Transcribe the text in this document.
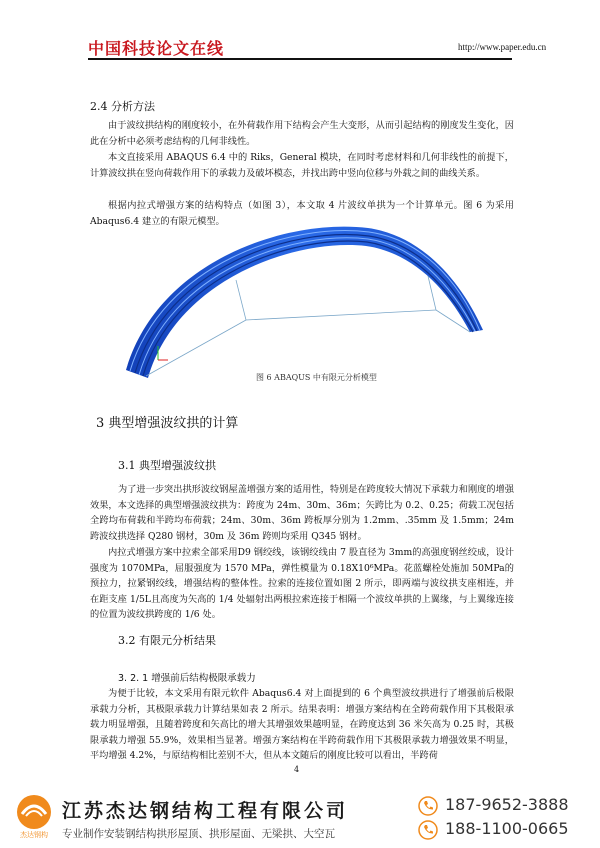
中国科技论文在线	http://www.paper.edu.cn
2.4 分析方法
由于波纹拱结构的刚度较小，在外荷载作用下结构会产生大变形，从而引起结构的刚度发生变化，因此在分析中必须考虑结构的几何非线性。
本文直接采用 ABAQUS 6.4 中的 Riks，General 模块，在同时考虑材料和几何非线性的前提下，计算波纹拱在竖向荷载作用下的承载力及破坏模态，并找出跨中竖向位移与外载之间的曲线关系。
根据内拉式增强方案的结构特点（如图 3），本文取 4 片波纹单拱为一个计算单元。图 6 为采用 Abaqus6.4 建立的有限元模型。
图 6 ABAQUS 中有限元分析模型
3 典型增强波纹拱的计算
3.1 典型增强波纹拱
为了进一步突出拱形波纹钢屋盖增强方案的适用性，特别是在跨度较大情况下承载力和刚度的增强效果，本文选择的典型增强波纹拱为：跨度为 24m、30m、36m；矢跨比为 0.2、0.25；荷载工况包括全跨均布荷载和半跨均布荷载；24m、30m、36m 跨板厚分别为 1.2mm、.35mm 及 1.5mm；24m 跨波纹拱选择 Q280 钢材，30m 及 36m 跨则均采用 Q345 钢材。
内拉式增强方案中拉索全部采用D9 钢绞线，该钢绞线由 7 股直径为 3mm的高强度钢丝绞成，设计强度为 1070MPa，屈服强度为 1570 MPa，弹性模量为 0.18X10⁶MPa。花蓝螺栓处施加 50MPa的预拉力，拉紧钢绞线，增强结构的整体性。拉索的连接位置如图 2 所示，即两端与波纹拱支座相连，并在距支座 1/5L且高度为矢高的 1/4 处辐射出两根拉索连接于相隔一个波纹单拱的上翼缘，与上翼缘连接的位置为波纹拱跨度的 1/6 处。
3.2 有限元分析结果
3. 2. 1 增强前后结构极限承载力
为便于比较，本文采用有限元软件 Abaqus6.4 对上面提到的 6 个典型波纹拱进行了增强前后极限承载力分析，其极限承载力计算结果如表 2 所示。结果表明：增强方案结构在全跨荷载作用下其极限承载力明显增强，且随着跨度和矢高比的增大其增强效果越明显，在跨度达到 36 米矢高为 0.25 时，其极限承载力增强 55.9%，效果相当显著。增强方案结构在半跨荷载作用下其极限承载力增强效果不明显，平均增强 4.2%，与原结构相比差别不大，但从本文随后的刚度比较可以看出，半跨荷
4
杰达钢构
江苏杰达钢结构工程有限公司
专业制作安装钢结构拱形屋顶、拱形屋面、无梁拱、大空瓦
187-9652-3888
188-1100-0665
